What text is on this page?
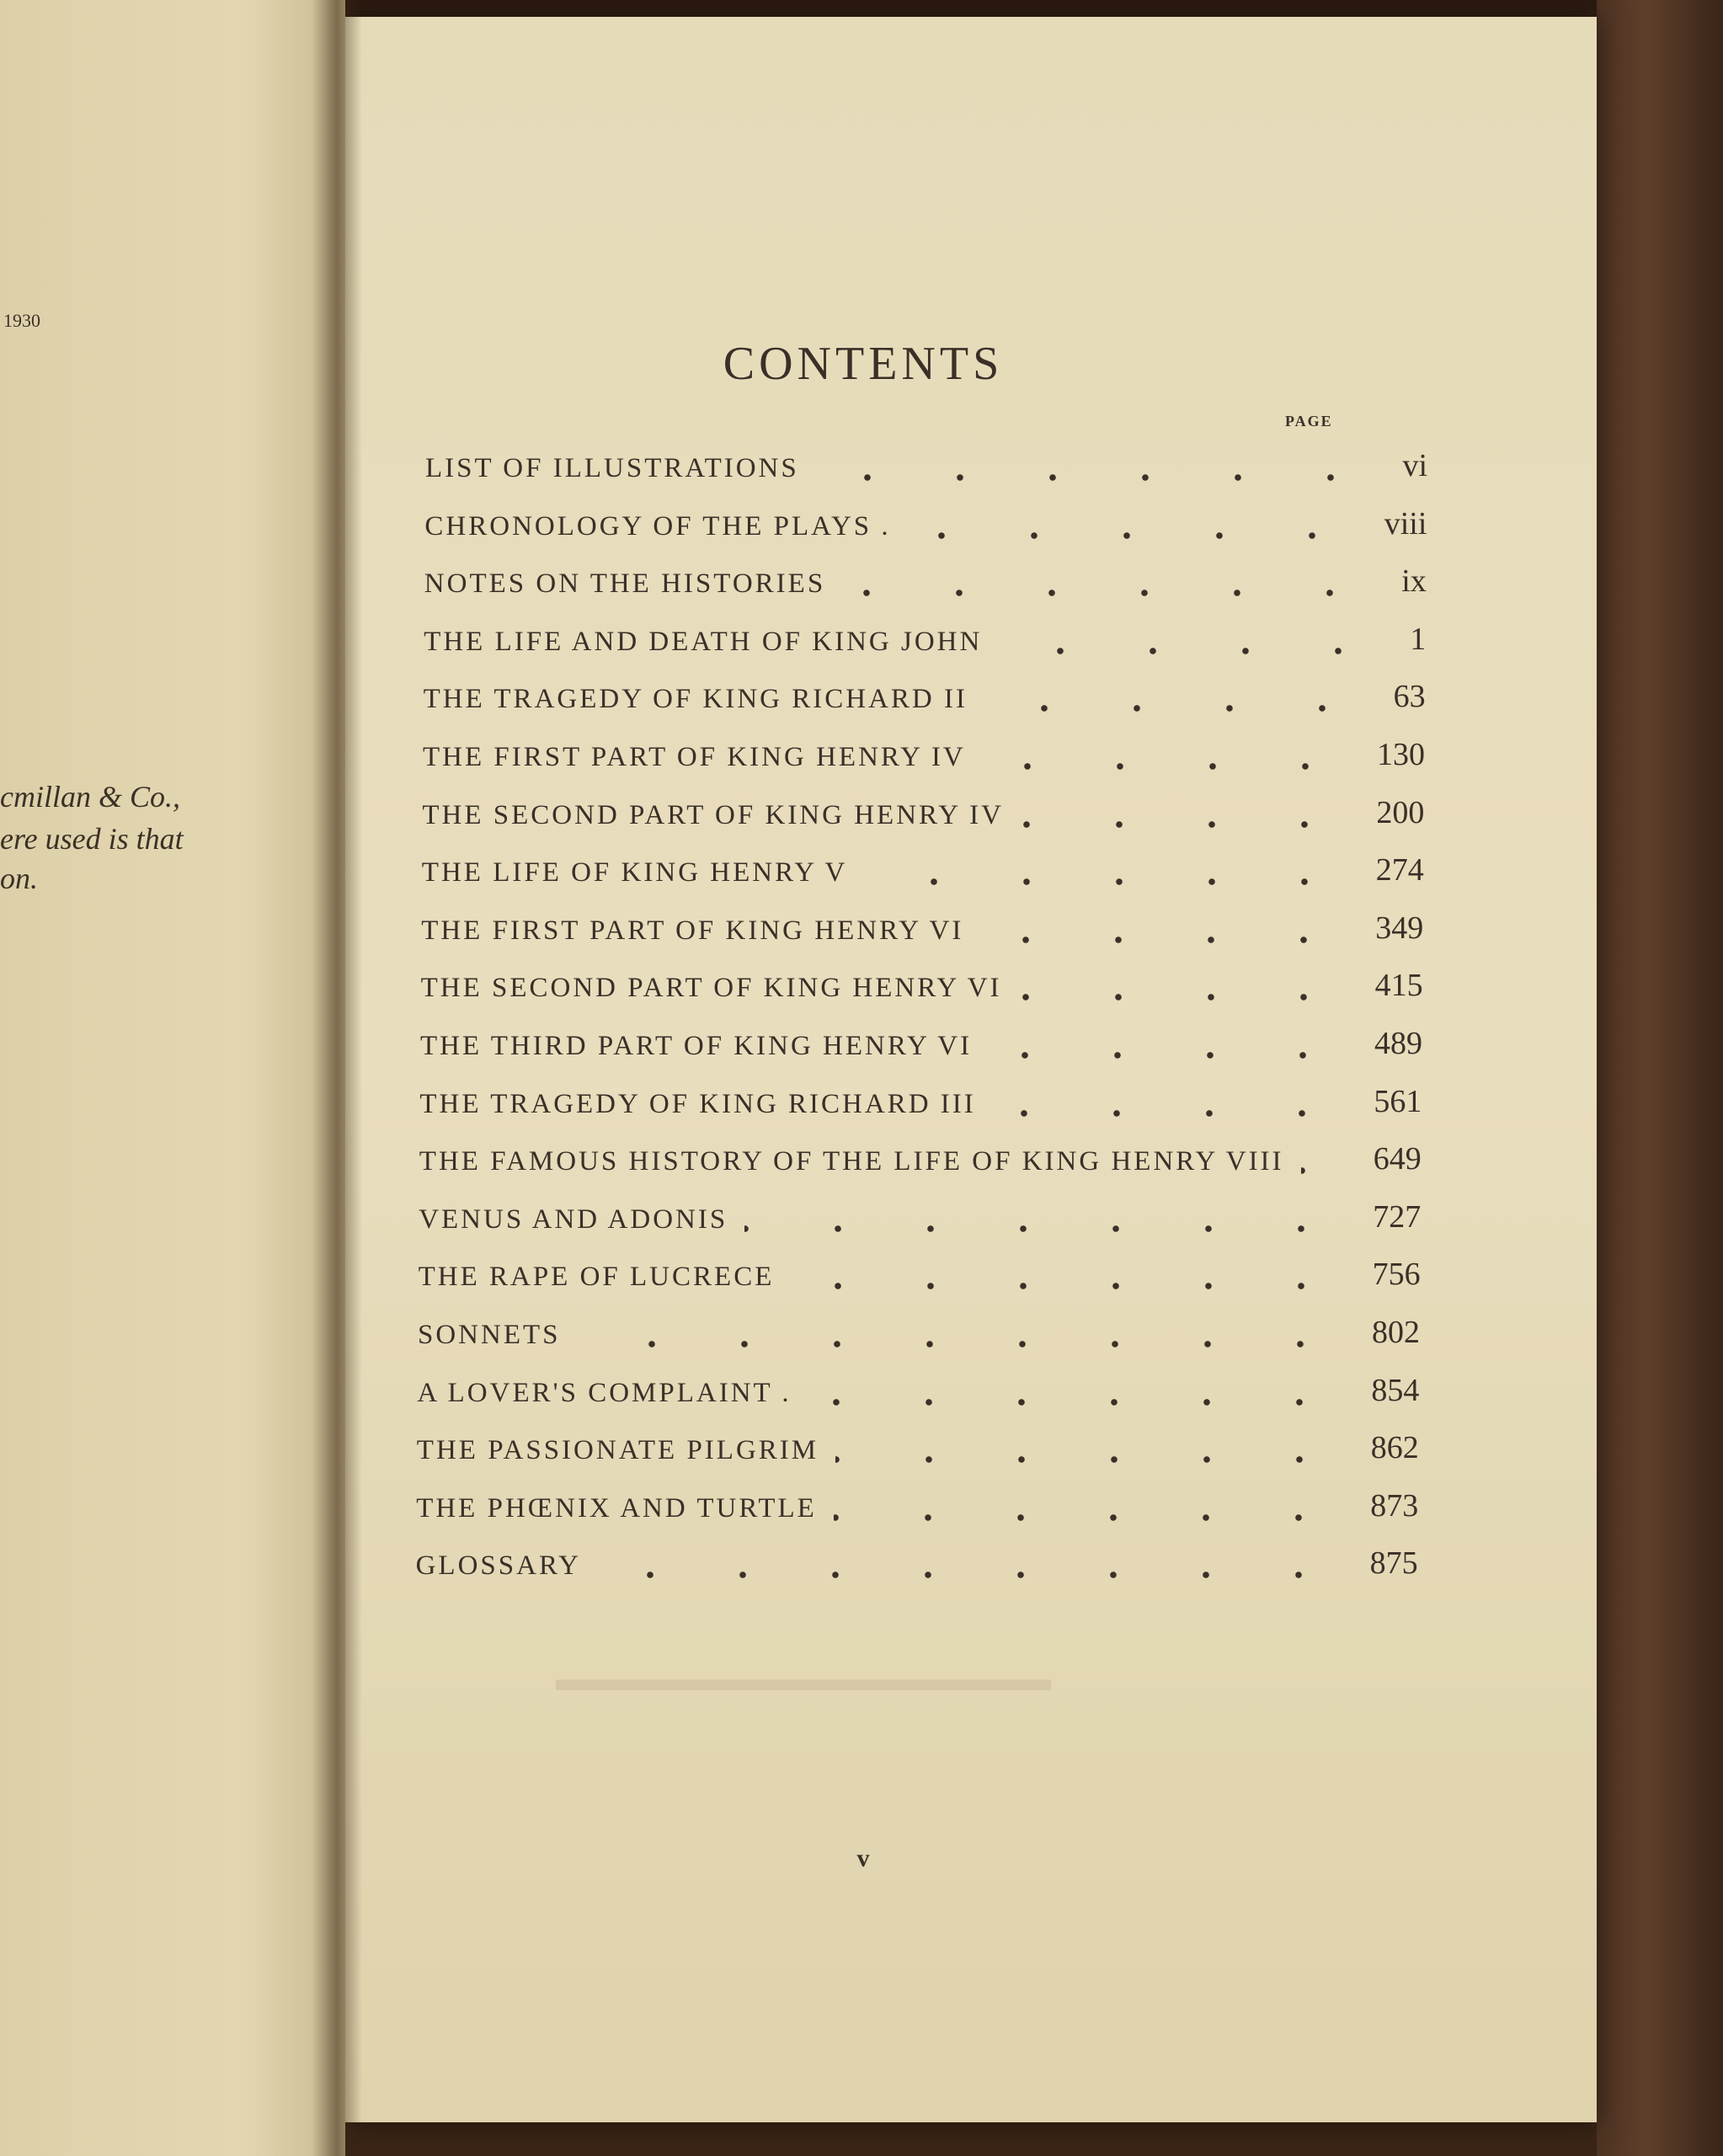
1930
cmillan & Co.,
ere used is that
on.
▬▬▬▬▬▬▬▬▬▬▬▬▬▬
CONTENTS
PAGE
LIST OF ILLUSTRATIONS	vi
CHRONOLOGY OF THE PLAYS .	viii
NOTES ON THE HISTORIES	ix
THE LIFE AND DEATH OF KING JOHN	1
THE TRAGEDY OF KING RICHARD II	63
THE FIRST PART OF KING HENRY IV	130
THE SECOND PART OF KING HENRY IV	200
THE LIFE OF KING HENRY V	274
THE FIRST PART OF KING HENRY VI	349
THE SECOND PART OF KING HENRY VI	415
THE THIRD PART OF KING HENRY VI	489
THE TRAGEDY OF KING RICHARD III	561
THE FAMOUS HISTORY OF THE LIFE OF KING HENRY VIII	649
VENUS AND ADONIS	727
THE RAPE OF LUCRECE	756
SONNETS	802
A LOVER'S COMPLAINT .	854
THE PASSIONATE PILGRIM	862
THE PHŒNIX AND TURTLE	873
GLOSSARY	875
v
